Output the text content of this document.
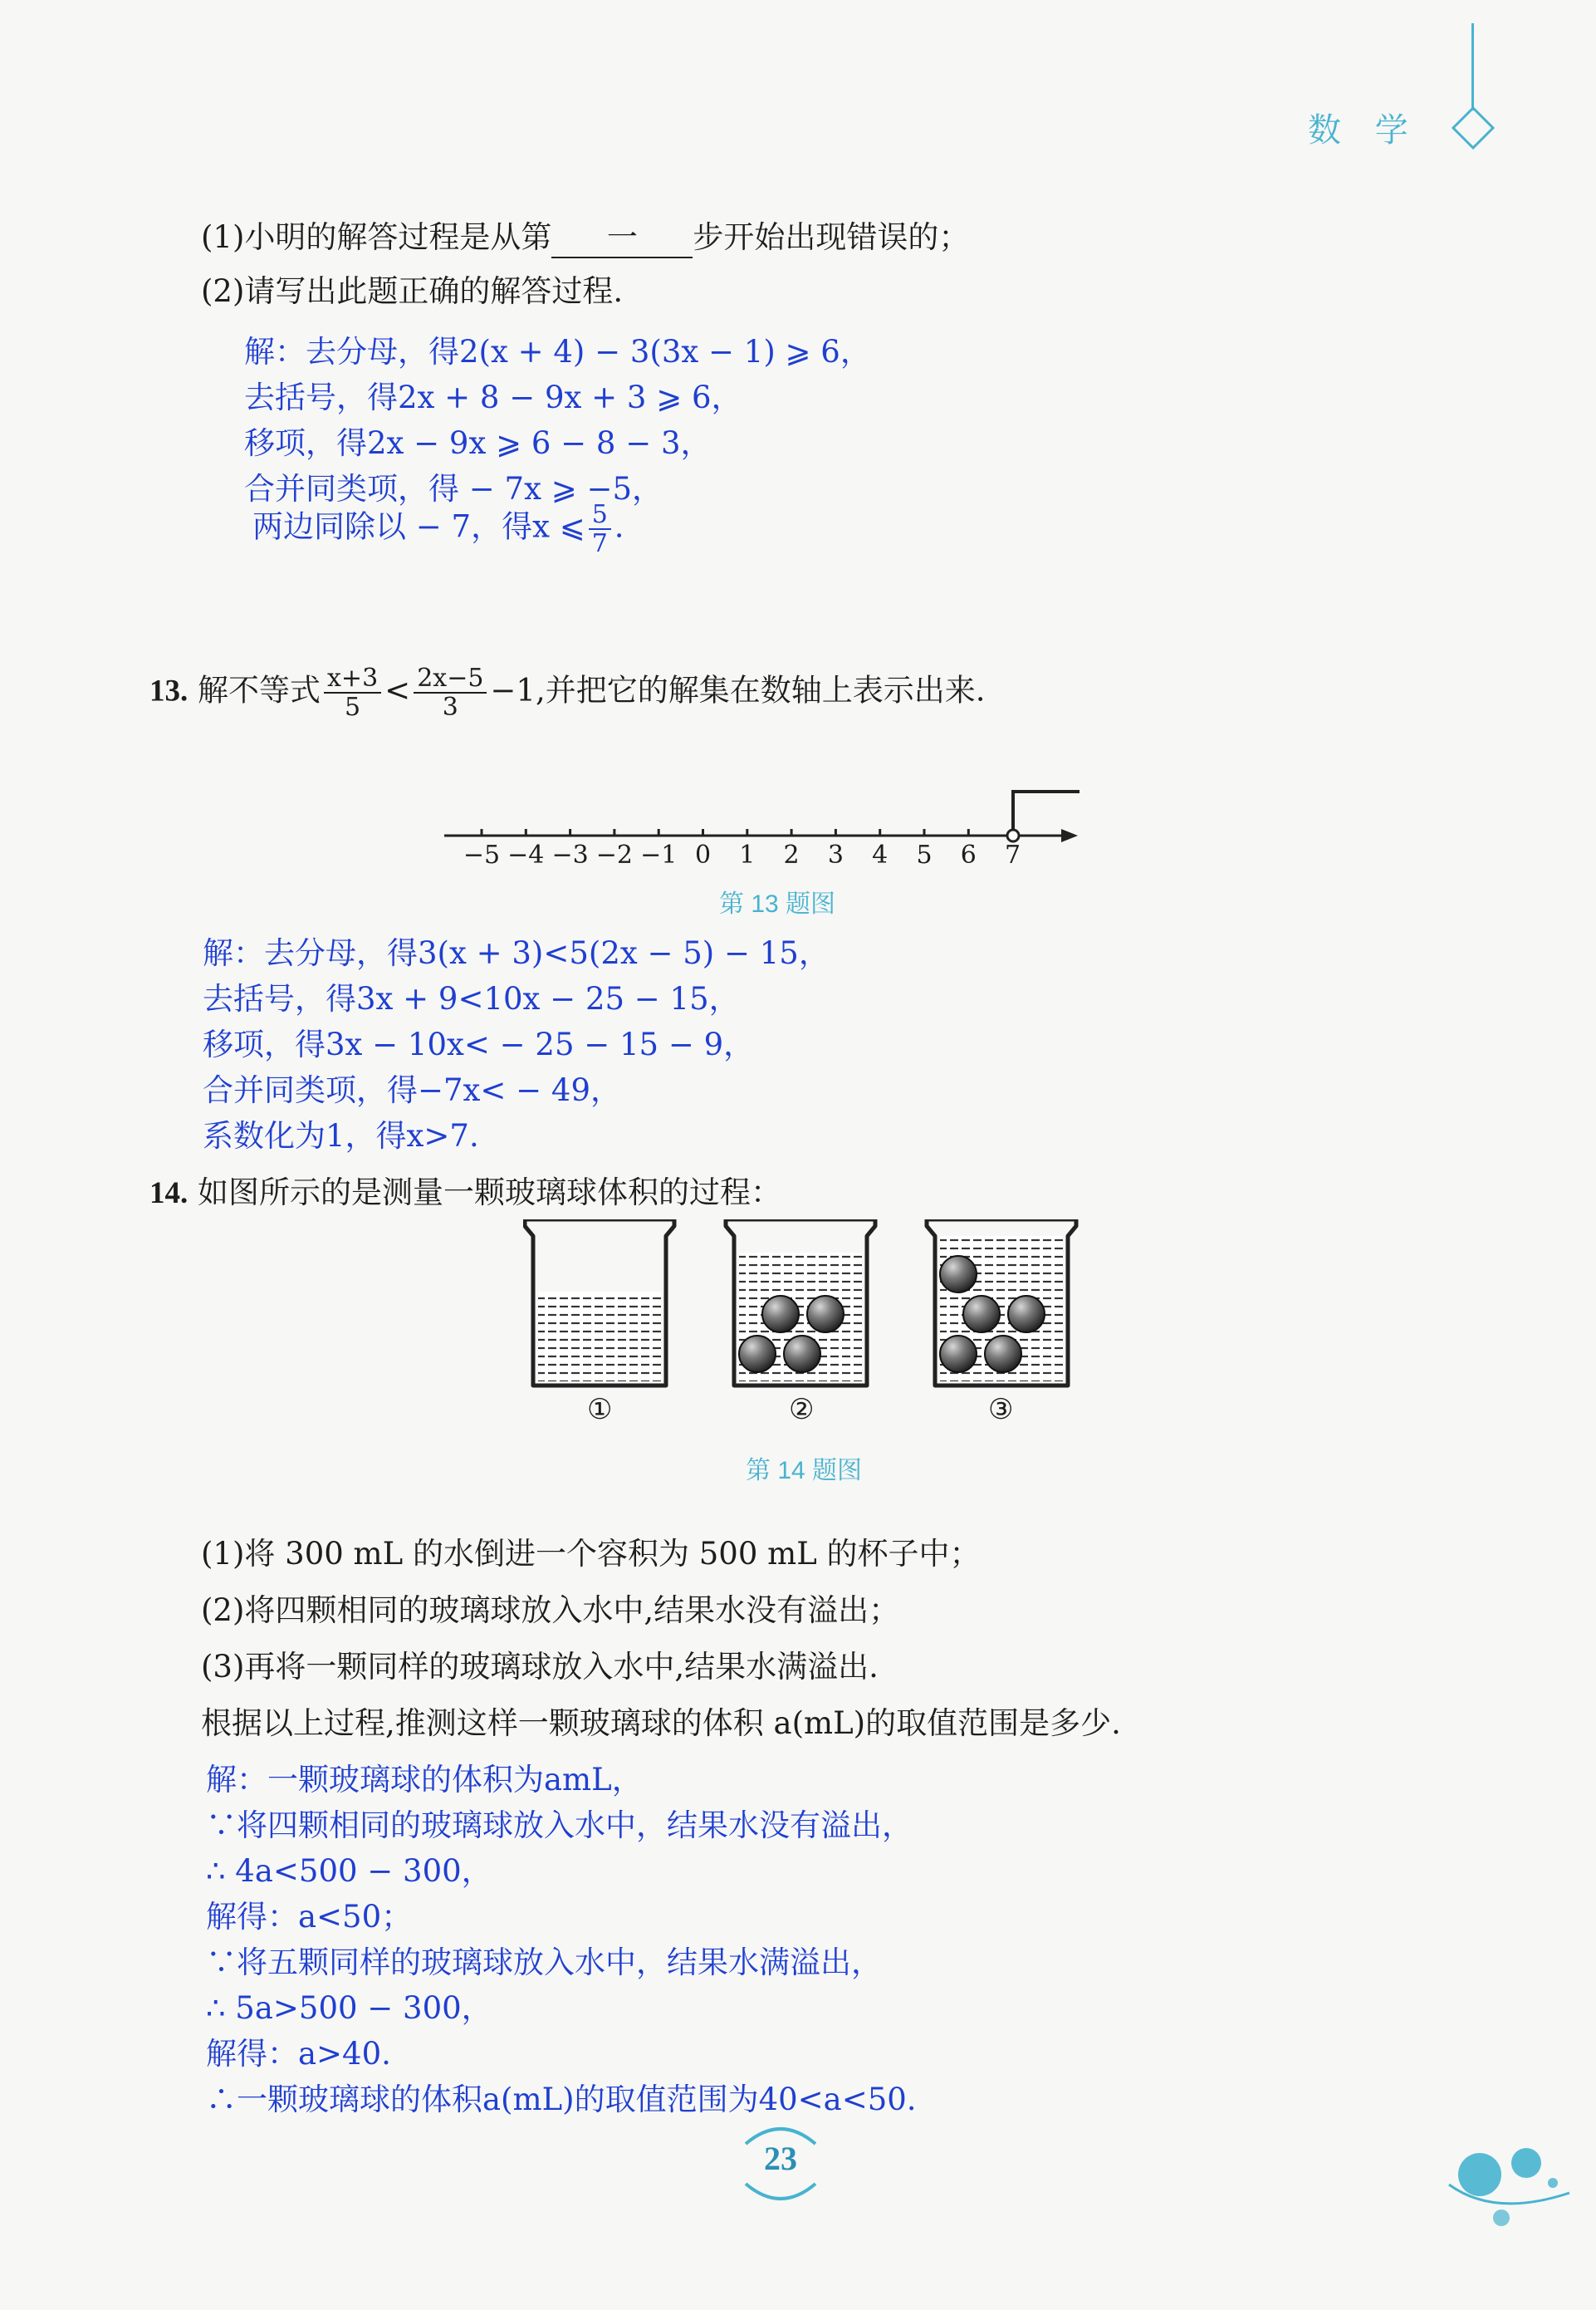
数 学
(1)小明的解答过程是从第 一 步开始出现错误的；
(2)请写出此题正确的解答过程.
解：去分母，得2(x + 4) − 3(3x − 1) ⩾ 6，
去括号，得2x + 8 − 9x + 3 ⩾ 6，
移项，得2x − 9x ⩾ 6 − 8 − 3，
合并同类项，得 − 7x ⩾ −5，
两边同除以 − 7，得x ⩽ $\frac{5}{7}$ .
13. 解不等式 $\frac{x+3}{5} < \frac{2x-5}{3} -1$,并把它的解集在数轴上表示出来.
−5 −4 −3 −2 −1 0	1	2	3	4	5	6	7
第 13 题图
解：去分母，得3(x + 3)<5(2x − 5) − 15，
去括号，得3x + 9<10x − 25 − 15，
移项，得3x − 10x< − 25 − 15 − 9，
合并同类项，得−7x< − 49，
系数化为1，得x>7.
14. 如图所示的是测量一颗玻璃球体积的过程：
①	②	③
第 14 题图
(1)将 300 mL 的水倒进一个容积为 500 mL 的杯子中；
(2)将四颗相同的玻璃球放入水中,结果水没有溢出；
(3)再将一颗同样的玻璃球放入水中,结果水满溢出.
根据以上过程,推测这样一颗玻璃球的体积 a(mL)的取值范围是多少.
解：一颗玻璃球的体积为amL，
∵将四颗相同的玻璃球放入水中，结果水没有溢出，
∴ 4a<500 − 300，
解得：a<50；
∵将五颗同样的玻璃球放入水中，结果水满溢出，
∴ 5a>500 − 300，
解得：a>40.
∴一颗玻璃球的体积a(mL)的取值范围为40<a<50.
23
